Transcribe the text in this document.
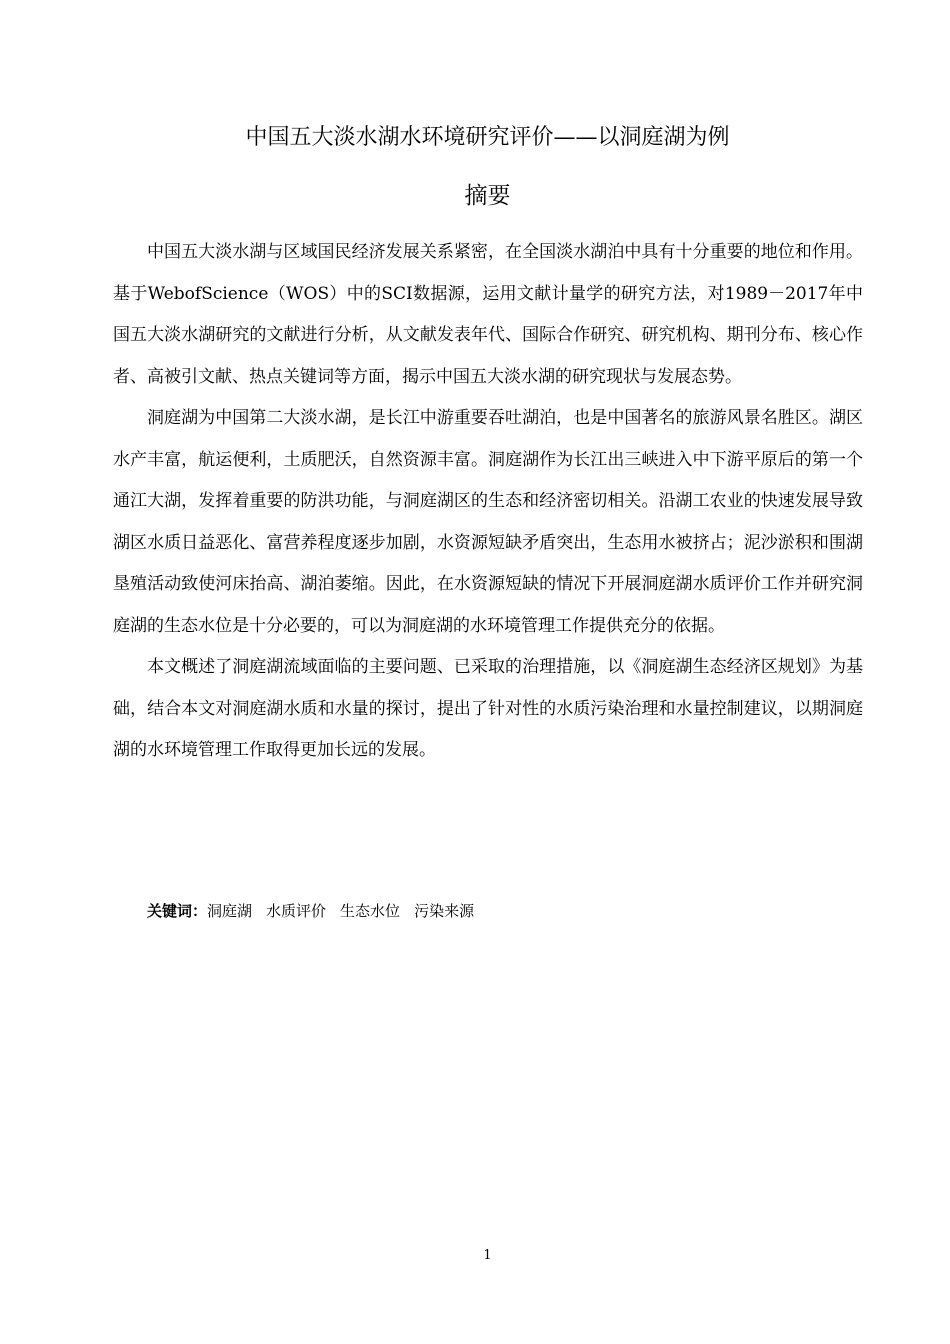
中国五大淡水湖水环境研究评价——以洞庭湖为例
摘要

中国五大淡水湖与区域国民经济发展关系紧密，在全国淡水湖泊中具有十分重要的地位和作用。基于WebofScience（WOS）中的SCI数据源，运用文献计量学的研究方法，对1989－2017年中国五大淡水湖研究的文献进行分析，从文献发表年代、国际合作研究、研究机构、期刊分布、核心作者、高被引文献、热点关键词等方面，揭示中国五大淡水湖的研究现状与发展态势。

洞庭湖为中国第二大淡水湖，是长江中游重要吞吐湖泊，也是中国著名的旅游风景名胜区。湖区水产丰富，航运便利，土质肥沃，自然资源丰富。洞庭湖作为长江出三峡进入中下游平原后的第一个通江大湖，发挥着重要的防洪功能，与洞庭湖区的生态和经济密切相关。沿湖工农业的快速发展导致湖区水质日益恶化、富营养程度逐步加剧，水资源短缺矛盾突出，生态用水被挤占；泥沙淤积和围湖垦殖活动致使河床抬高、湖泊萎缩。因此，在水资源短缺的情况下开展洞庭湖水质评价工作并研究洞庭湖的生态水位是十分必要的，可以为洞庭湖的水环境管理工作提供充分的依据。

本文概述了洞庭湖流域面临的主要问题、已采取的治理措施，以《洞庭湖生态经济区规划》为基础，结合本文对洞庭湖水质和水量的探讨，提出了针对性的水质污染治理和水量控制建议，以期洞庭湖的水环境管理工作取得更加长远的发展。

关键词：洞庭湖 水质评价 生态水位 污染来源
1
